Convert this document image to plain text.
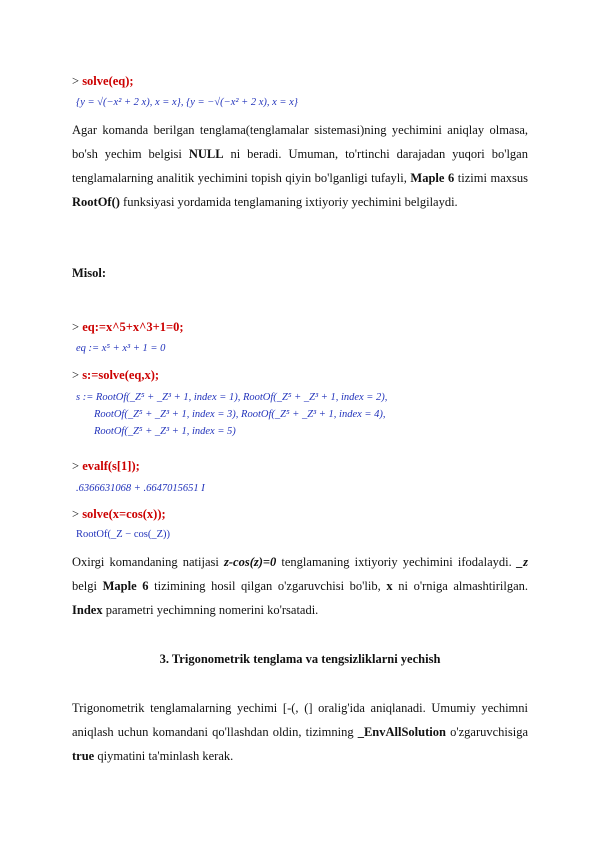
> solve(eq);
{y = √(−x² + 2 x), x = x}, {y = −√(−x² + 2 x), x = x}
Agar komanda berilgan tenglama(tenglamalar sistemasi)ning yechimini aniqlay olmasa, bo'sh yechim belgisi NULL ni beradi. Umuman, to'rtinchi darajadan yuqori bo'lgan tenglamalarning analitik yechimini topish qiyin bo'lganligi tufayli, Maple 6 tizimi maxsus RootOf() funksiyasi yordamida tenglamaning ixtiyoriy yechimini belgilaydi.
Misol:
> eq:=x^5+x^3+1=0;
eq := x⁵ + x³ + 1 = 0
> s:=solve(eq,x);
s := RootOf(_Z⁵ + _Z³ + 1, index = 1), RootOf(_Z⁵ + _Z³ + 1, index = 2),
RootOf(_Z⁵ + _Z³ + 1, index = 3), RootOf(_Z⁵ + _Z³ + 1, index = 4),
RootOf(_Z⁵ + _Z³ + 1, index = 5)
> evalf(s[1]);
.6366631068 + .6647015651 I
> solve(x=cos(x));
RootOf(_Z − cos(_Z))
Oxirgi komandaning natijasi z-cos(z)=0 tenglamaning ixtiyoriy yechimini ifodalaydi. _z belgi Maple 6 tizimining hosil qilgan o'zgaruvchisi bo'lib, x ni o'rniga almashtirilgan. Index parametri yechimning nomerini ko'rsatadi.
3. Trigonometrik tenglama va tengsizliklarni yechish
Trigonometrik tenglamalarning yechimi [-(, (] oralig'ida aniqlanadi. Umumiy yechimni aniqlash uchun komandani qo'llashdan oldin, tizimning _EnvAllSolution o'zgaruvchisiga true qiymatini ta'minlash kerak.
